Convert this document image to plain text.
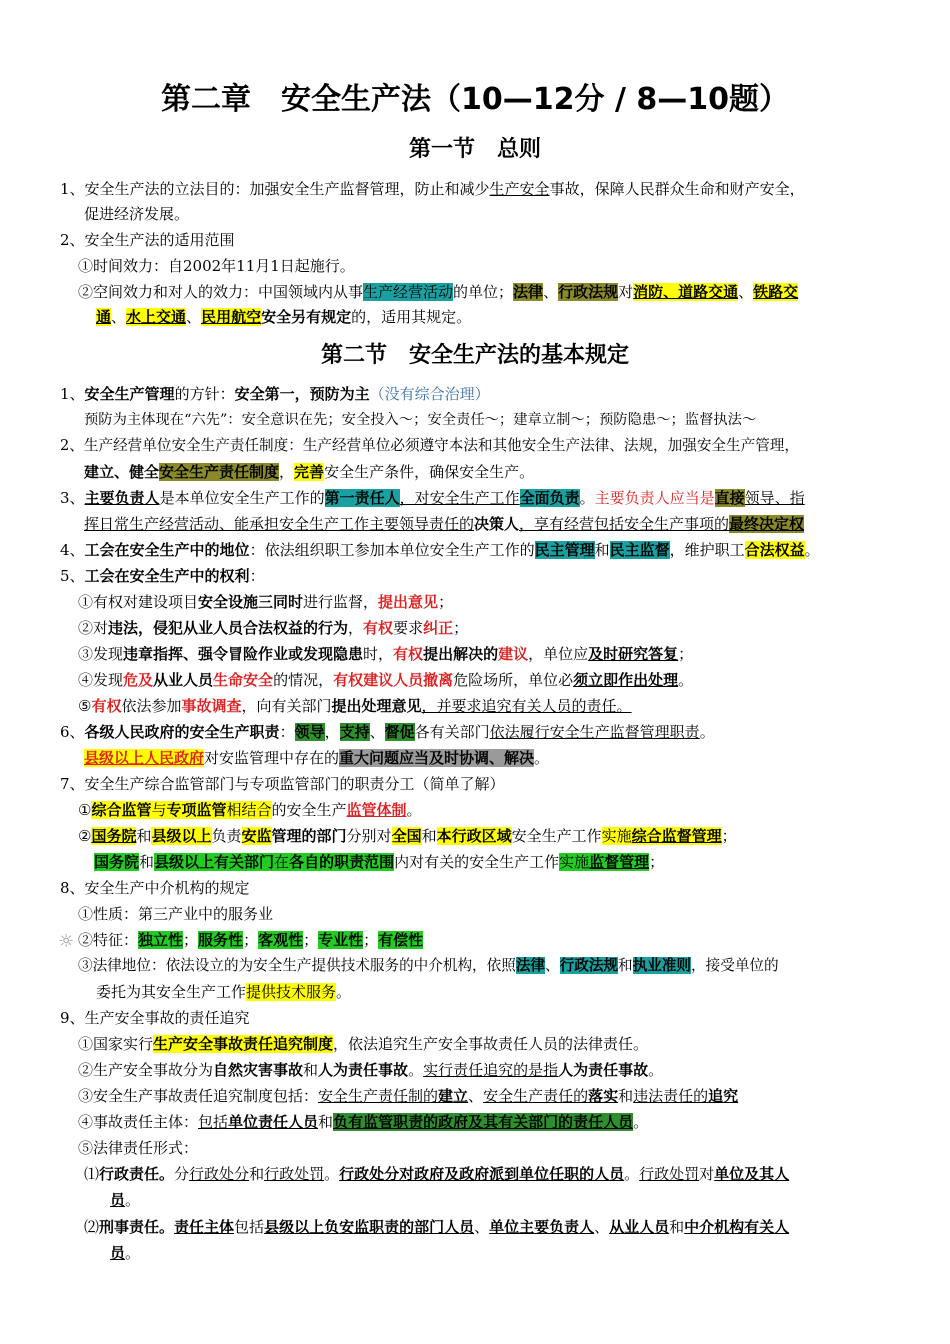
第二章　安全生产法（10—12分 / 8—10题）
第一节　总则
1、安全生产法的立法目的：加强安全生产监督管理，防止和减少生产安全事故，保障人民群众生命和财产安全，
促进经济发展。
2、安全生产法的适用范围
①时间效力：自2002年11月1日起施行。
②空间效力和对人的效力：中国领域内从事生产经营活动的单位；法律、行政法规对消防、道路交通、铁路交
通、水上交通、民用航空安全另有规定的，适用其规定。
第二节　安全生产法的基本规定
1、安全生产管理的方针：安全第一，预防为主（没有综合治理）
预防为主体现在“六先”：安全意识在先；安全投入～；安全责任～；建章立制～；预防隐患～；监督执法～
2、生产经营单位安全生产责任制度：生产经营单位必须遵守本法和其他安全生产法律、法规，加强安全生产管理，
建立、健全安全生产责任制度，完善安全生产条件，确保安全生产。
3、主要负责人是本单位安全生产工作的第一责任人，对安全生产工作全面负责。主要负责人应当是直接领导、指
挥日常生产经营活动、能承担安全生产工作主要领导责任的决策人，享有经营包括安全生产事项的最终决定权
4、工会在安全生产中的地位：依法组织职工参加本单位安全生产工作的民主管理和民主监督，维护职工合法权益。
5、工会在安全生产中的权利：
①有权对建设项目安全设施三同时进行监督，提出意见；
②对违法，侵犯从业人员合法权益的行为，有权要求纠正；
③发现违章指挥、强令冒险作业或发现隐患时，有权提出解决的建议，单位应及时研究答复；
④发现危及从业人员生命安全的情况，有权建议人员撤离危险场所，单位必须立即作出处理。
⑤有权依法参加事故调查，向有关部门提出处理意见，并要求追究有关人员的责任。
6、各级人民政府的安全生产职责：领导，支持、督促各有关部门依法履行安全生产监督管理职责。
县级以上人民政府对安监管理中存在的重大问题应当及时协调、解决。
7、安全生产综合监管部门与专项监管部门的职责分工（简单了解）
①综合监管与专项监管相结合的安全生产监管体制。
②国务院和县级以上负责安监管理的部门分别对全国和本行政区域安全生产工作实施综合监督管理；
国务院和县级以上有关部门在各自的职责范围内对有关的安全生产工作实施监督管理；
8、安全生产中介机构的规定
①性质：第三产业中的服务业
☼ ②特征：独立性；服务性；客观性；专业性；有偿性
③法律地位：依法设立的为安全生产提供技术服务的中介机构，依照法律、行政法规和执业准则，接受单位的
委托为其安全生产工作提供技术服务。
9、生产安全事故的责任追究
①国家实行生产安全事故责任追究制度，依法追究生产安全事故责任人员的法律责任。
②生产安全事故分为自然灾害事故和人为责任事故。实行责任追究的是指人为责任事故。
③安全生产事故责任追究制度包括：安全生产责任制的建立、安全生产责任的落实和违法责任的追究
④事故责任主体：包括单位责任人员和负有监管职责的政府及其有关部门的责任人员。
⑤法律责任形式：
⑴行政责任。分行政处分和行政处罚。行政处分对政府及政府派到单位任职的人员。行政处罚对单位及其人
员。
⑵刑事责任。责任主体包括县级以上负安监职责的部门人员、单位主要负责人、从业人员和中介机构有关人
员。
